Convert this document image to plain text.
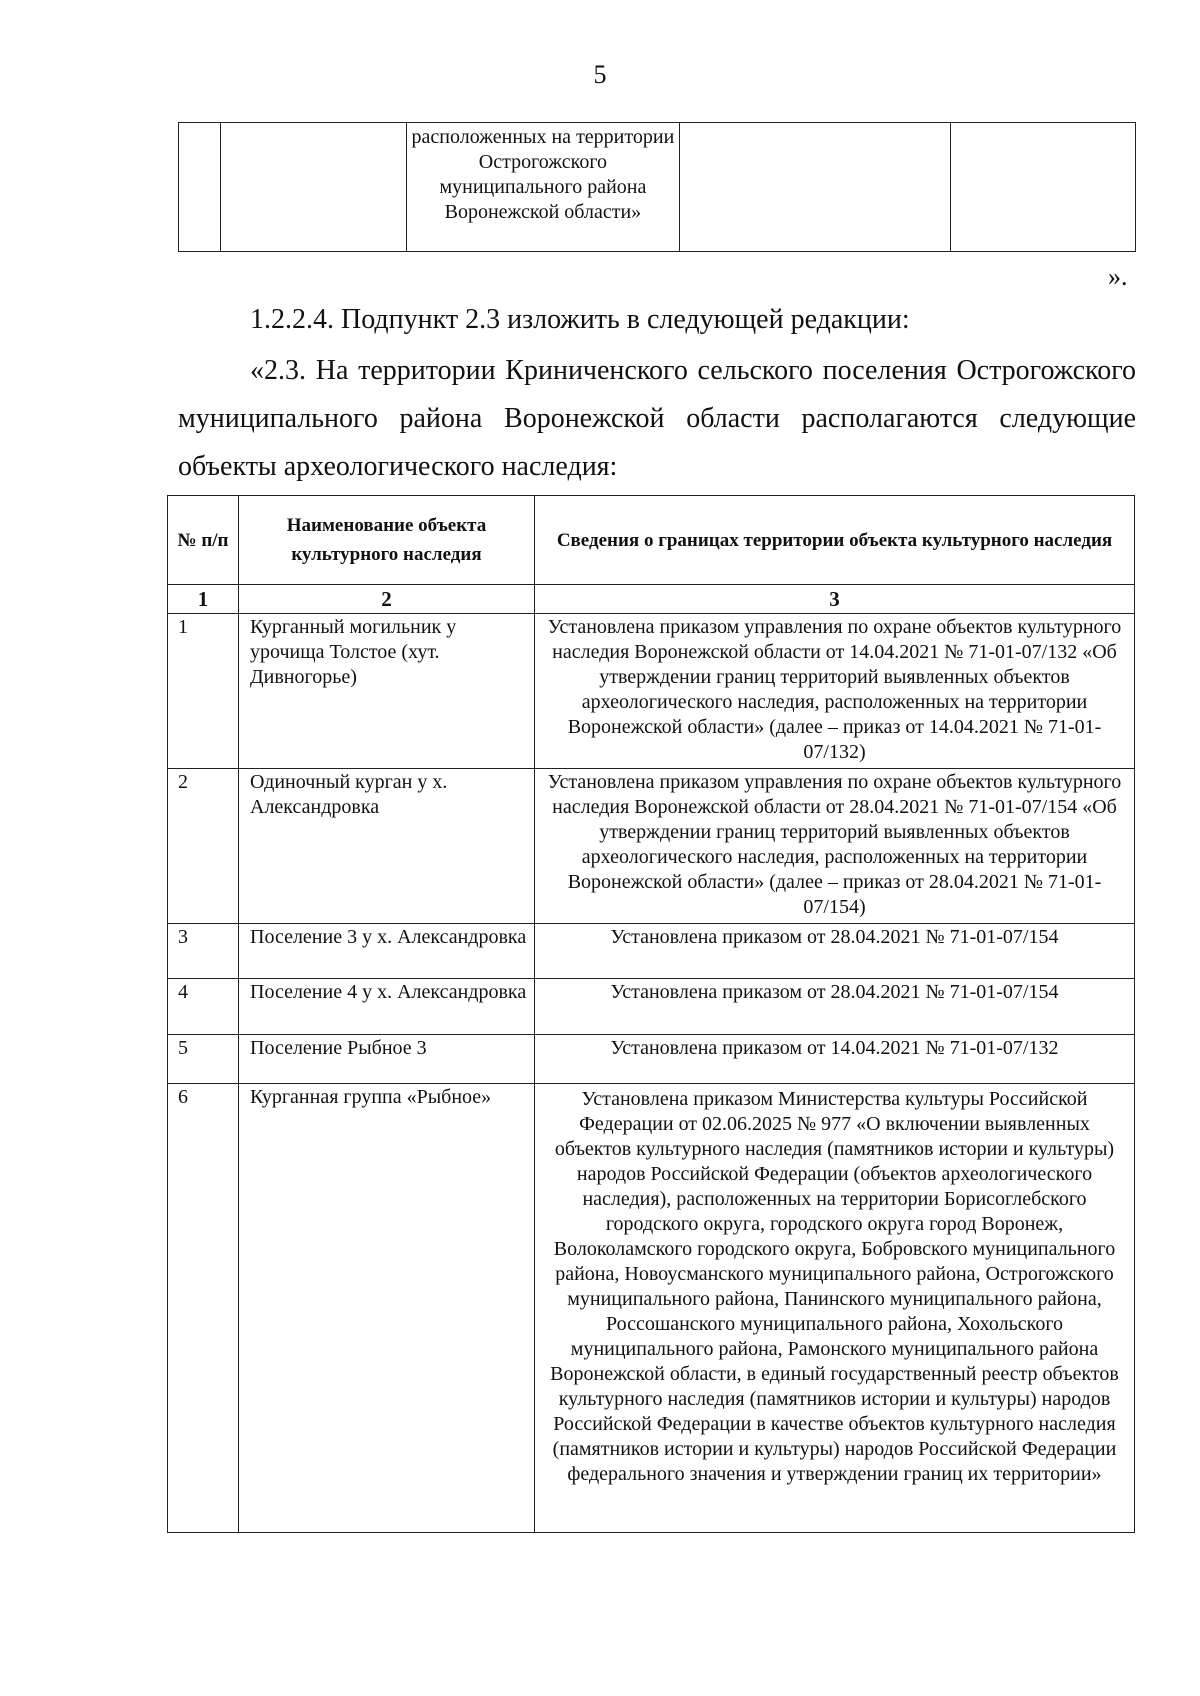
5
		расположенных на территории Острогожского муниципального района Воронежской области»		
».
1.2.2.4. Подпункт 2.3 изложить в следующей редакции:
«2.3. На территории Криниченского сельского поселения Острогожского муниципального района Воронежской области располагаются следующие объекты археологического наследия:
№ п/п	Наименование объекта культурного наследия	Сведения о границах территории объекта культурного наследия
1	2	3
1	Курганный могильник у урочища Толстое (хут. Дивногорье)	Установлена приказом управления по охране объектов культурного наследия Воронежской области от 14.04.2021 № 71-01-07/132 «Об утверждении границ территорий выявленных объектов археологического наследия, расположенных на территории Воронежской области» (далее – приказ от 14.04.2021 № 71-01-07/132)
2	Одиночный курган у х. Александровка	Установлена приказом управления по охране объектов культурного наследия Воронежской области от 28.04.2021 № 71-01-07/154 «Об утверждении границ территорий выявленных объектов археологического наследия, расположенных на территории Воронежской области» (далее – приказ от 28.04.2021 № 71-01-07/154)
3	Поселение 3 у х. Александровка	Установлена приказом от 28.04.2021 № 71-01-07/154
4	Поселение 4 у х. Александровка	Установлена приказом от 28.04.2021 № 71-01-07/154
5	Поселение Рыбное 3	Установлена приказом от 14.04.2021 № 71-01-07/132
6	Курганная группа «Рыбное»	Установлена приказом Министерства культуры Российской Федерации от 02.06.2025 № 977 «О включении выявленных объектов культурного наследия (памятников истории и культуры) народов Российской Федерации (объектов археологического наследия), расположенных на территории Борисоглебского городского округа, городского округа город Воронеж, Волоколамского городского округа, Бобровского муниципального района, Новоусманского муниципального района, Острогожского муниципального района, Панинского муниципального района, Россошанского муниципального района, Хохольского муниципального района, Рамонского муниципального района Воронежской области, в единый государственный реестр объектов культурного наследия (памятников истории и культуры) народов Российской Федерации в качестве объектов культурного наследия (памятников истории и культуры) народов Российской Федерации федерального значения и утверждении границ их территории»
